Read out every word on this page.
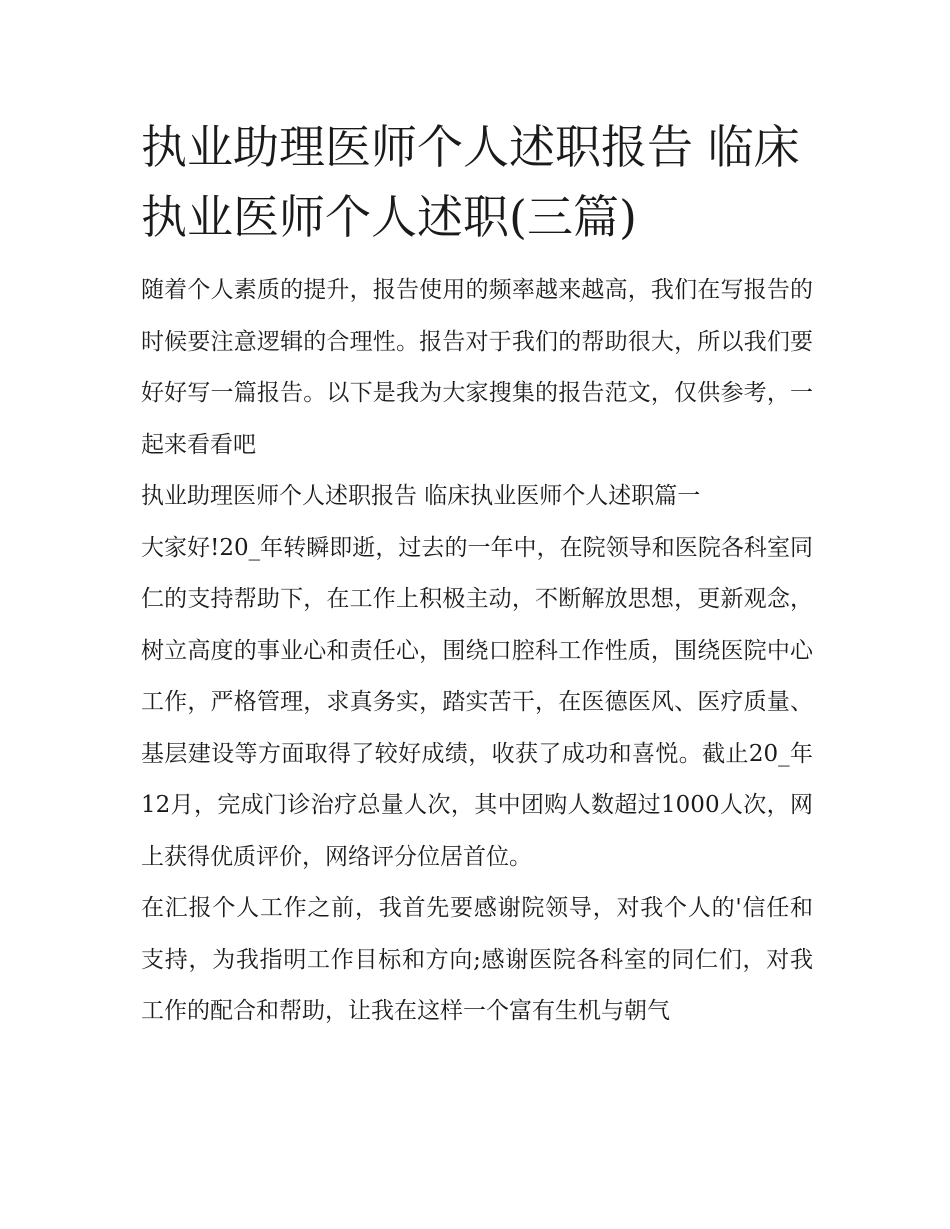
执业助理医师个人述职报告 临床执业医师个人述职(三篇)

随着个人素质的提升，报告使用的频率越来越高，我们在写报告的时候要注意逻辑的合理性。报告对于我们的帮助很大，所以我们要好好写一篇报告。以下是我为大家搜集的报告范文，仅供参考，一起来看看吧

执业助理医师个人述职报告 临床执业医师个人述职篇一

大家好!20_年转瞬即逝，过去的一年中，在院领导和医院各科室同仁的支持帮助下，在工作上积极主动，不断解放思想，更新观念，树立高度的事业心和责任心，围绕口腔科工作性质，围绕医院中心工作，严格管理，求真务实，踏实苦干，在医德医风、医疗质量、基层建设等方面取得了较好成绩，收获了成功和喜悦。截止20_年12月，完成门诊治疗总量人次，其中团购人数超过1000人次，网上获得优质评价，网络评分位居首位。

在汇报个人工作之前，我首先要感谢院领导，对我个人的'信任和支持，为我指明工作目标和方向;感谢医院各科室的同仁们，对我工作的配合和帮助，让我在这样一个富有生机与朝气
